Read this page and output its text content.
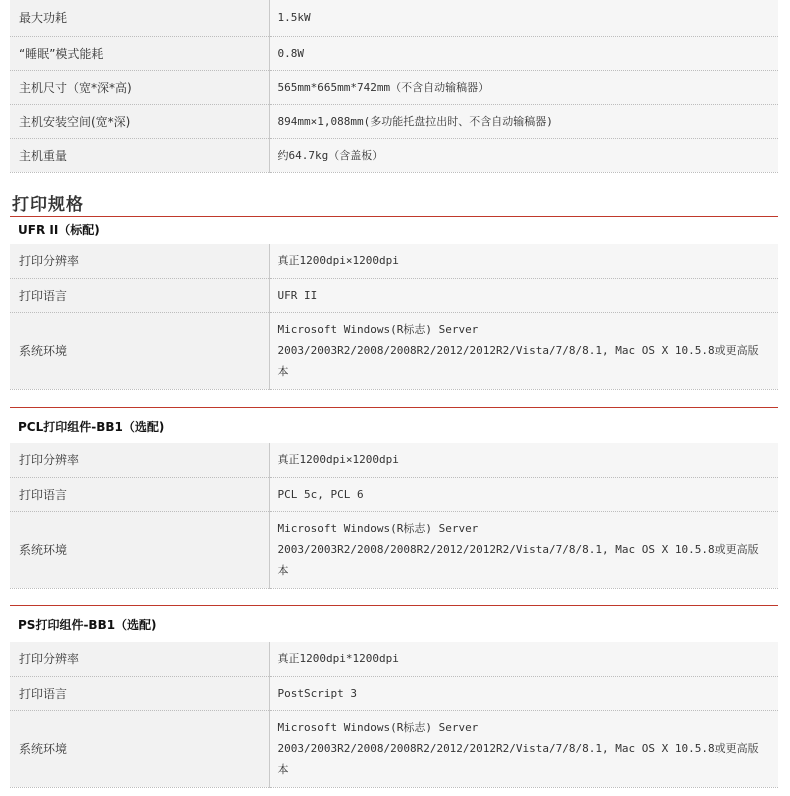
最大功耗	1.5kW
“睡眠”模式能耗	0.8W
主机尺寸（宽*深*高)	565mm*665mm*742mm（不含自动输稿器）
主机安装空间(宽*深)	894mm×1,088mm(多功能托盘拉出时、不含自动输稿器)
主机重量	约64.7kg（含盖板）
打印规格
UFR II（标配)
打印分辨率	真正1200dpi×1200dpi
打印语言	UFR II
系统环境	Microsoft Windows(R标志) Server 2003/2003R2/2008/2008R2/2012/2012R2/Vista/7/8/8.1, Mac OS X 10.5.8或更高版本
PCL打印组件-BB1（选配)
打印分辨率	真正1200dpi×1200dpi
打印语言	PCL 5c, PCL 6
系统环境	Microsoft Windows(R标志) Server 2003/2003R2/2008/2008R2/2012/2012R2/Vista/7/8/8.1, Mac OS X 10.5.8或更高版本
PS打印组件-BB1（选配)
打印分辨率	真正1200dpi*1200dpi
打印语言	PostScript 3
系统环境	Microsoft Windows(R标志) Server 2003/2003R2/2008/2008R2/2012/2012R2/Vista/7/8/8.1, Mac OS X 10.5.8或更高版本
